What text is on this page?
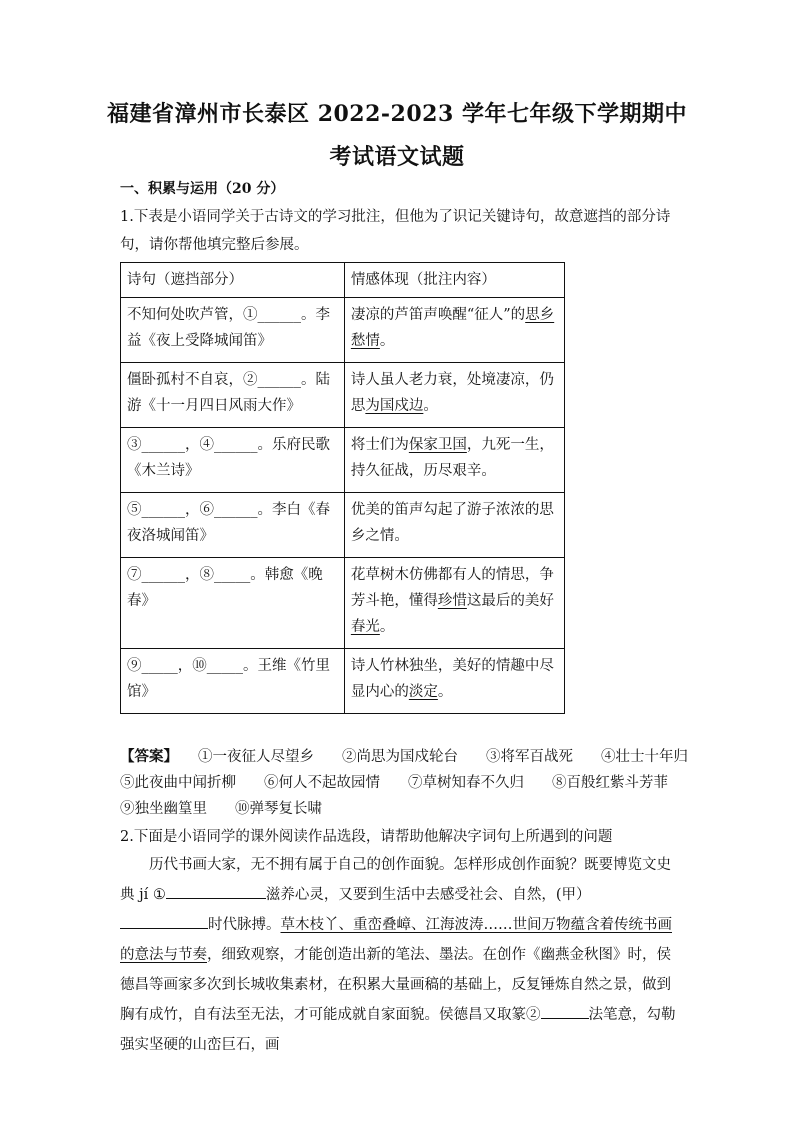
福建省漳州市长泰区 2022-2023 学年七年级下学期期中
考试语文试题
一、积累与运用（20 分）
1.下表是小语同学关于古诗文的学习批注，但他为了识记关键诗句，故意遮挡的部分诗句，请你帮他填完整后参展。
诗句（遮挡部分）	情感体现（批注内容）
不知何处吹芦管，①______。李益《夜上受降城闻笛》	凄凉的芦笛声唤醒“征人”的思乡愁情。
僵卧孤村不自哀，②______。陆游《十一月四日风雨大作》	诗人虽人老力衰，处境凄凉，仍思为国戍边。
③______，④______。乐府民歌《木兰诗》	将士们为保家卫国，九死一生，持久征战，历尽艰辛。
⑤______，⑥______。李白《春夜洛城闻笛》	优美的笛声勾起了游子浓浓的思乡之情。
⑦______，⑧_____。韩愈《晚春》	花草树木仿佛都有人的情思，争芳斗艳，懂得珍惜这最后的美好春光。
⑨_____，⑩_____。王维《竹里馆》	诗人竹林独坐，美好的情趣中尽显内心的淡定。
【答案】 ①一夜征人尽望乡 ②尚思为国戍轮台 ③将军百战死 ④壮士十年归
⑤此夜曲中闻折柳 ⑥何人不起故园情 ⑦草树知春不久归 ⑧百般红紫斗芳菲
⑨独坐幽篁里 ⑩弹琴复长啸
2.下面是小语同学的课外阅读作品选段，请帮助他解决字词句上所遇到的问题
历代书画大家，无不拥有属于自己的创作面貌。怎样形成创作面貌？既要博览文史典 jí ①	滋养心灵，又要到生活中去感受社会、自然，(甲）时代脉搏。草木枝丫、重峦叠嶂、江海波涛……世间万物蕴含着传统书画的意法与节奏，细致观察，才能创造出新的笔法、墨法。在创作《幽燕金秋图》时，侯德昌等画家多次到长城收集素材，在积累大量画稿的基础上，反复锤炼自然之景，做到胸有成竹，自有法至无法，才可能成就自家面貌。侯德昌又取篆②	法笔意，勾勒强实坚硬的山峦巨石，画
